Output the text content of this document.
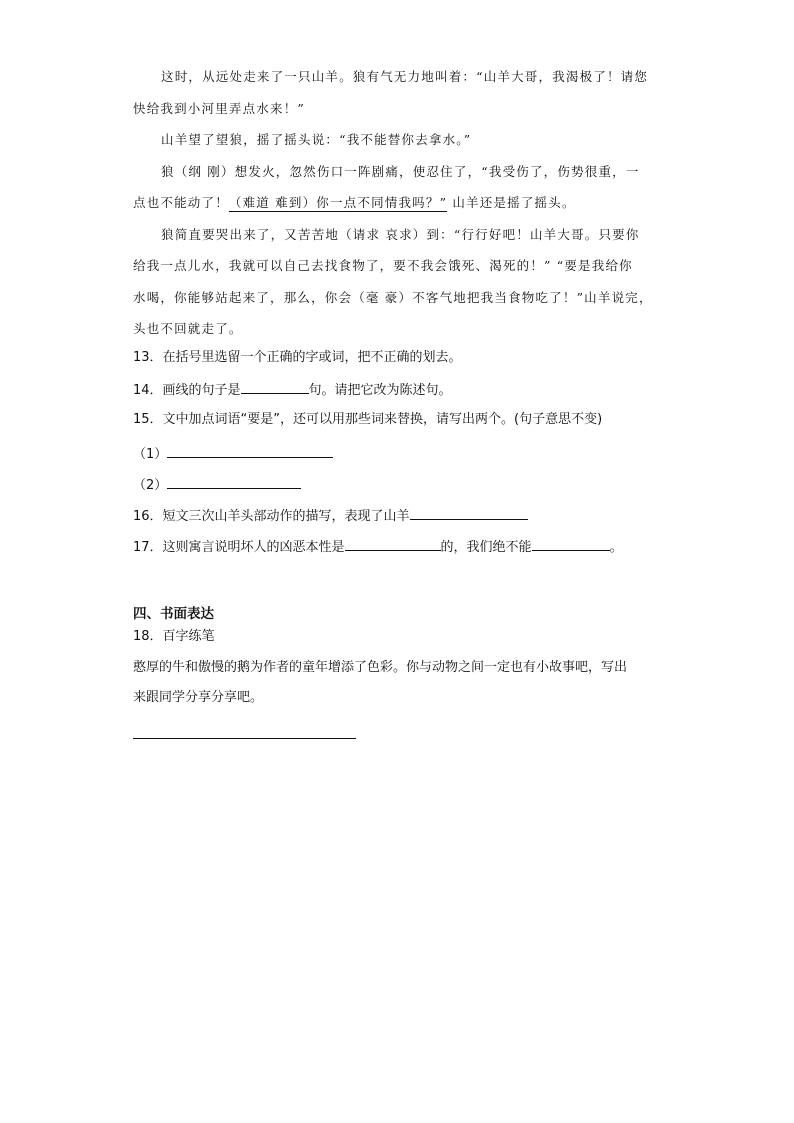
这时，从远处走来了一只山羊。狼有气无力地叫着：“山羊大哥，我渴极了！请您

快给我到小河里弄点水来！”

山羊望了望狼，摇了摇头说：“我不能替你去拿水。”

狼（纲 刚）想发火，忽然伤口一阵剧痛，使忍住了，“我受伤了，伤势很重，一

点也不能动了！（难道 难到）你一点不同情我吗？” 山羊还是摇了摇头。

狼简直要哭出来了，又苦苦地（请求 哀求）到：“行行好吧！山羊大哥。只要你

给我一点儿水，我就可以自己去找食物了，要不我会饿死、渴死的！” “要是我给你

水喝，你能够站起来了，那么，你会（毫 豪）不客气地把我当食物吃了！”山羊说完，

头也不回就走了。

13．在括号里选留一个正确的字或词，把不正确的划去。
14．画线的句子是	句。请把它改为陈述句。
15．文中加点词语“要是”，还可以用那些词来替换，请写出两个。(句子意思不变)
（1）
（2）
16．短文三次山羊头部动作的描写，表现了山羊
17．这则寓言说明坏人的凶恶本性是	的，我们绝不能	。
四、书面表达
18．百字练笔
憨厚的牛和傲慢的鹅为作者的童年增添了色彩。你与动物之间一定也有小故事吧，写出
来跟同学分享分享吧。
